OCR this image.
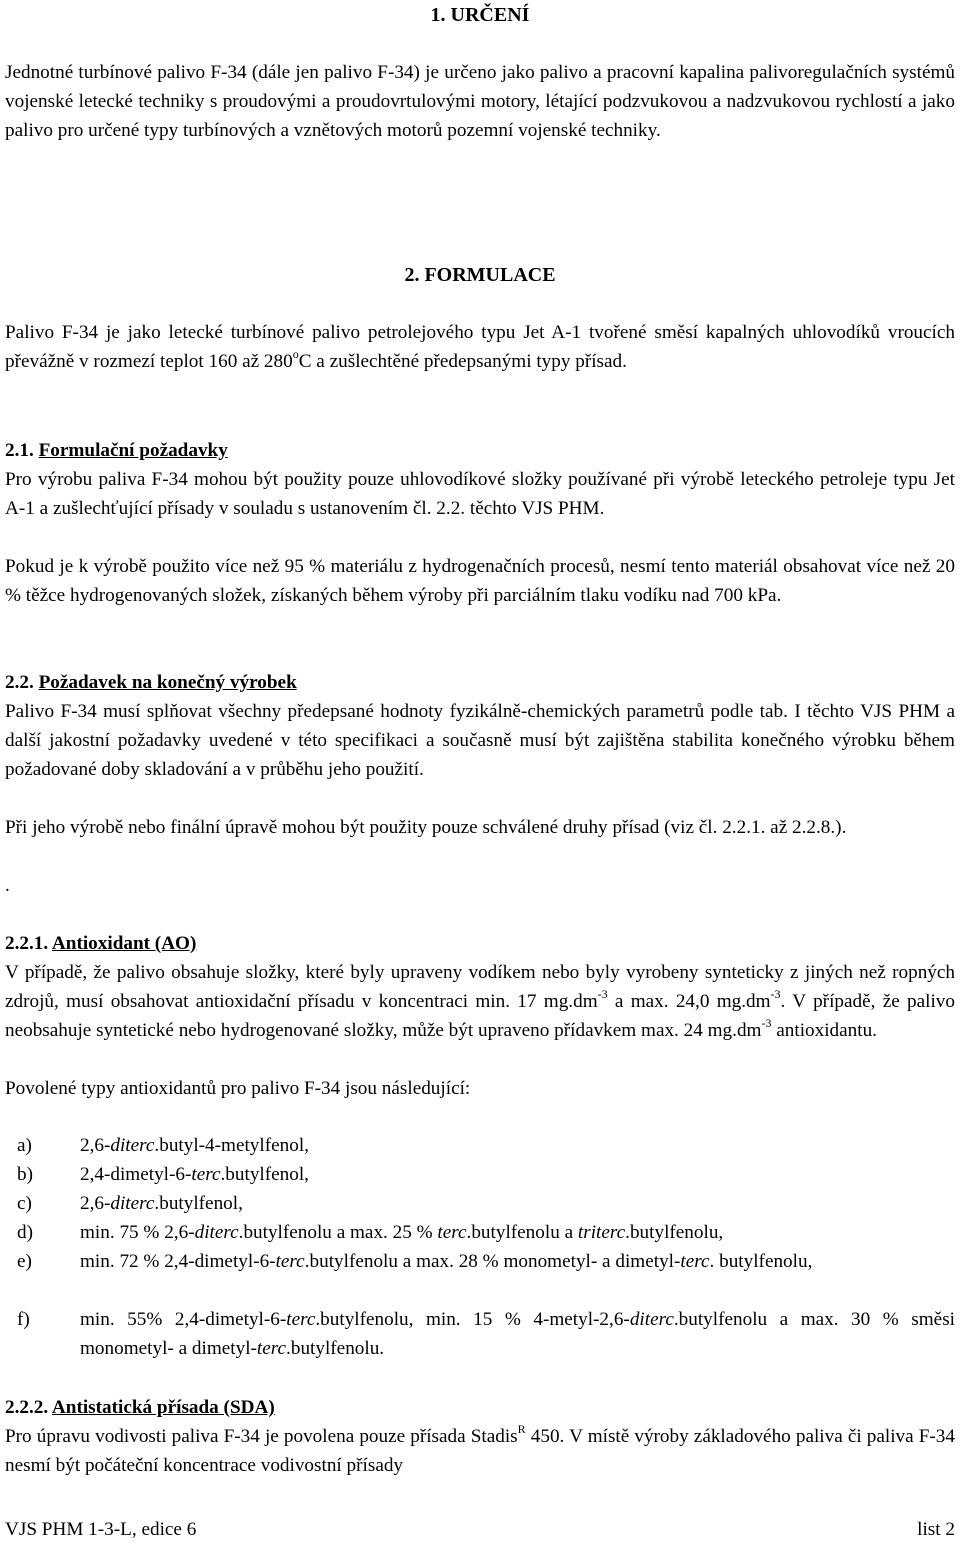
1. URČENÍ
Jednotné turbínové palivo F-34 (dále jen palivo F-34) je určeno jako palivo a pracovní kapalina palivoregulačních systémů vojenské letecké techniky s proudovými a proudovrtulovými motory, létající podzvukovou a nadzvukovou rychlostí a jako palivo pro určené typy turbínových a vznětových motorů pozemní vojenské techniky.
2. FORMULACE
Palivo F-34 je jako letecké turbínové palivo petrolejového typu Jet A-1 tvořené směsí kapalných uhlovodíků vroucích převážně v rozmezí teplot 160 až 280$^o$C a zušlechtěné předepsanými typy přísad.
2.1. Formulační požadavky
Pro výrobu paliva F-34 mohou být použity pouze uhlovodíkové složky používané při výrobě leteckého petroleje typu Jet A-1 a zušlechťující přísady v souladu s ustanovením čl. 2.2. těchto VJS PHM.
Pokud je k výrobě použito více než 95 % materiálu z hydrogenačních procesů, nesmí tento materiál obsahovat více než 20 % těžce hydrogenovaných složek, získaných během výroby při parciálním tlaku vodíku nad 700 kPa.
2.2. Požadavek na konečný výrobek
Palivo F-34 musí splňovat všechny předepsané hodnoty fyzikálně-chemických parametrů podle tab. I těchto VJS PHM a další jakostní požadavky uvedené v této specifikaci a současně musí být zajištěna stabilita konečného výrobku během požadované doby skladování a v průběhu jeho použití.
Při jeho výrobě nebo finální úpravě mohou být použity pouze schválené druhy přísad (viz čl. 2.2.1. až 2.2.8.).
.
2.2.1. Antioxidant (AO)
V případě, že palivo obsahuje složky, které byly upraveny vodíkem nebo byly vyrobeny synteticky z jiných než ropných zdrojů, musí obsahovat antioxidační přísadu v koncentraci min. 17 $mg.dm^{-3}$ a max. 24,0 $mg.dm^{-3}$. V případě, že palivo neobsahuje syntetické nebo hydrogenované složky, může být upraveno přídavkem max. 24 $mg.dm^{-3}$ antioxidantu.
Povolené typy antioxidantů pro palivo F-34 jsou následující:
a)	2,6-diterc.butyl-4-metylfenol,
b) 2,4-dimetyl-6-terc.butylfenol,
c)	2,6-diterc.butylfenol,
d) min. 75 % 2,6-diterc.butylfenolu a max. 25 % terc.butylfenolu a triterc.butylfenolu,
e)	min. 72 % 2,4-dimetyl-6-terc.butylfenolu a max. 28 % monometyl- a dimetyl-terc. butylfenolu,
f)	min. 55% 2,4-dimetyl-6-terc.butylfenolu, min. 15 % 4-metyl-2,6-diterc.butylfenolu a max. 30 % směsi monometyl- a dimetyl-terc.butylfenolu.
2.2.2. Antistatická přísada (SDA)
Pro úpravu vodivosti paliva F-34 je povolena pouze přísada Stadis$^R$ 450. V místě výroby základového paliva či paliva F-34 nesmí být počáteční koncentrace vodivostní přísady
VJS PHM 1-3-L, edice 6	list 2
